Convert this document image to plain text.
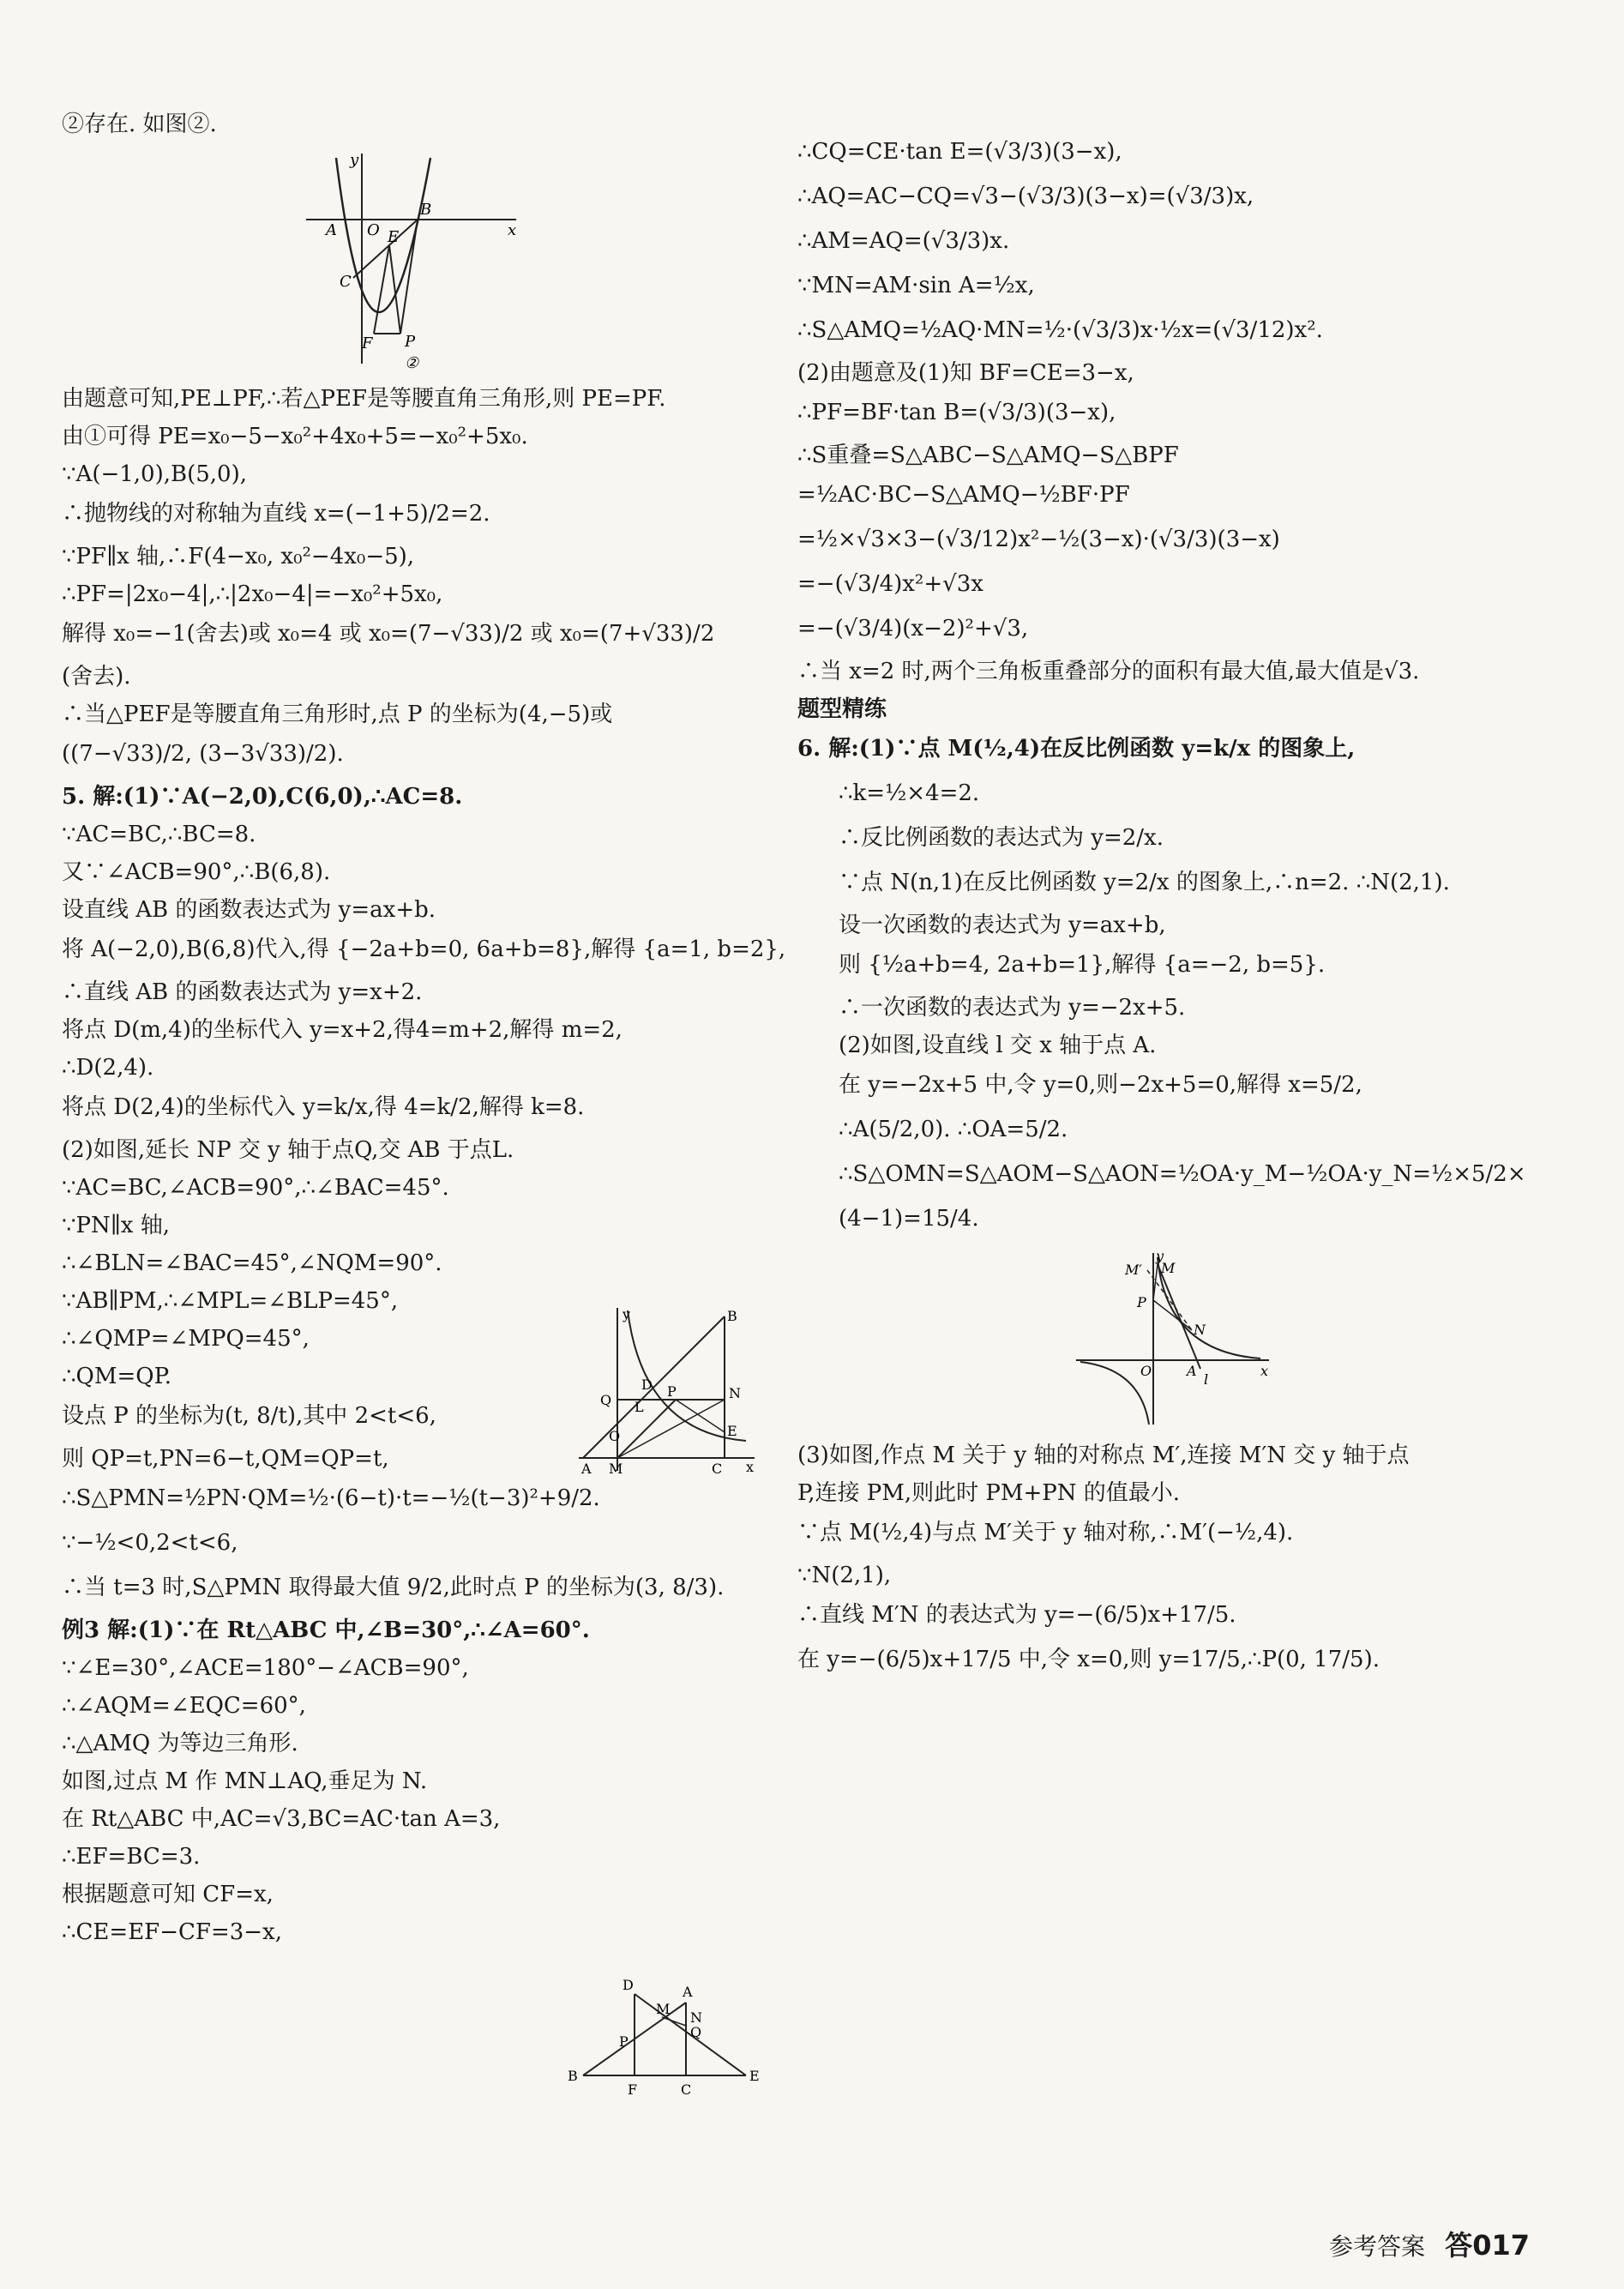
②存在. 如图②.
A O
B
E
C
F P
x
y
②
由题意可知,PE⊥PF,∴若△PEF是等腰直角三角形,则 PE=PF.
由①可得 PE=x₀−5−x₀²+4x₀+5=−x₀²+5x₀.
∵A(−1,0),B(5,0),
∴抛物线的对称轴为直线 x=(−1+5)/2=2.
∵PF∥x 轴,∴F(4−x₀, x₀²−4x₀−5),
∴PF=|2x₀−4|,∴|2x₀−4|=−x₀²+5x₀,
解得 x₀=−1(舍去)或 x₀=4 或 x₀=(7−√33)/2 或 x₀=(7+√33)/2
(舍去).
∴当△PEF是等腰直角三角形时,点 P 的坐标为(4,−5)或
((7−√33)/2, (3−3√33)/2).
5. 解:(1)∵A(−2,0),C(6,0),∴AC=8.
∵AC=BC,∴BC=8.
又∵∠ACB=90°,∴B(6,8).
设直线 AB 的函数表达式为 y=ax+b.
将 A(−2,0),B(6,8)代入,得 {−2a+b=0, 6a+b=8},解得 {a=1, b=2},
∴直线 AB 的函数表达式为 y=x+2.
将点 D(m,4)的坐标代入 y=x+2,得4=m+2,解得 m=2,
∴D(2,4).
将点 D(2,4)的坐标代入 y=k/x,得 4=k/2,解得 k=8.
(2)如图,延长 NP 交 y 轴于点Q,交 AB 于点L.
∵AC=BC,∠ACB=90°,∴∠BAC=45°.
∵PN∥x 轴,
∴∠BLN=∠BAC=45°,∠NQM=90°.
∵AB∥PM,∴∠MPL=∠BLP=45°,
∴∠QMP=∠MPQ=45°,
∴QM=QP.
设点 P 的坐标为(t, 8/t),其中 2<t<6,
则 QP=t,PN=6−t,QM=QP=t,
∴S△PMN=½PN·QM=½·(6−t)·t=−½(t−3)²+9/2.
∵−½<0,2<t<6,
∴当 t=3 时,S△PMN 取得最大值 9/2,此时点 P 的坐标为(3, 8/3).
例3 解:(1)∵在 Rt△ABC 中,∠B=30°,∴∠A=60°.
∵∠E=30°,∠ACE=180°−∠ACB=90°,
∴∠AQM=∠EQC=60°,
∴△AMQ 为等边三角形.
如图,过点 M 作 MN⊥AQ,垂足为 N.
在 Rt△ABC 中,AC=√3,BC=AC·tan A=3,
∴EF=BC=3.
根据题意可知 CF=x,
∴CE=EF−CF=3−x,
Q
D P	N
E
L
O
A M	C x
y	B
D	A
M
N
Q
P
B
F	C
E
∴CQ=CE·tan E=(√3/3)(3−x),
∴AQ=AC−CQ=√3−(√3/3)(3−x)=(√3/3)x,
∴AM=AQ=(√3/3)x.
∵MN=AM·sin A=½x,
∴S△AMQ=½AQ·MN=½·(√3/3)x·½x=(√3/12)x².
(2)由题意及(1)知 BF=CE=3−x,
∴PF=BF·tan B=(√3/3)(3−x),
∴S重叠=S△ABC−S△AMQ−S△BPF
=½AC·BC−S△AMQ−½BF·PF
=½×√3×3−(√3/12)x²−½(3−x)·(√3/3)(3−x)
=−(√3/4)x²+√3x
=−(√3/4)(x−2)²+√3,
∴当 x=2 时,两个三角板重叠部分的面积有最大值,最大值是√3.
题型精练
6. 解:(1)∵点 M(½,4)在反比例函数 y=k/x 的图象上,
∴k=½×4=2.
∴反比例函数的表达式为 y=2/x.
∵点 N(n,1)在反比例函数 y=2/x 的图象上,∴n=2. ∴N(2,1).
设一次函数的表达式为 y=ax+b,
则 {½a+b=4, 2a+b=1},解得 {a=−2, b=5}.
∴一次函数的表达式为 y=−2x+5.
(2)如图,设直线 l 交 x 轴于点 A.
在 y=−2x+5 中,令 y=0,则−2x+5=0,解得 x=5/2,
∴A(5/2,0). ∴OA=5/2.
∴S△OMN=S△AOM−S△AON=½OA·y_M−½OA·y_N=½×5/2×
(4−1)=15/4.
M′ M
P
N
O	A
l
x
y
(3)如图,作点 M 关于 y 轴的对称点 M′,连接 M′N 交 y 轴于点
P,连接 PM,则此时 PM+PN 的值最小.
∵点 M(½,4)与点 M′关于 y 轴对称,∴M′(−½,4).
∵N(2,1),
∴直线 M′N 的表达式为 y=−(6/5)x+17/5.
在 y=−(6/5)x+17/5 中,令 x=0,则 y=17/5,∴P(0, 17/5).
参考答案 答017
